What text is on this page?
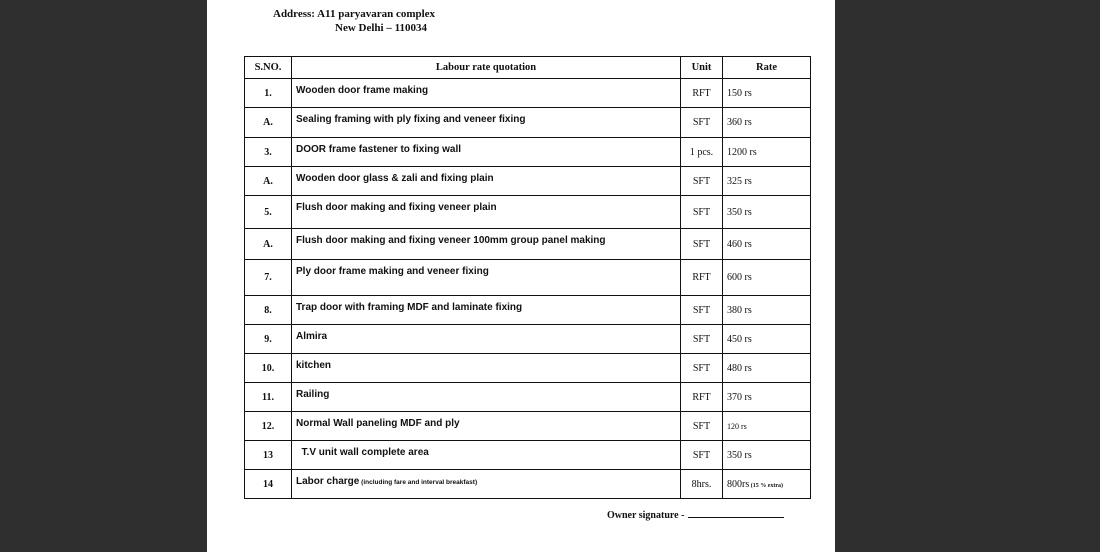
Address: A11 paryavaran complex
New Delhi – 110034
S.NO.	Labour rate quotation	Unit	Rate
1.	Wooden door frame making	RFT	150 rs
A.	Sealing framing with ply fixing and veneer fixing	SFT	360 rs
3.	DOOR frame fastener to fixing wall	1 pcs.	1200 rs
A.	Wooden door glass & zali and fixing plain	SFT	325 rs
5.	Flush door making and fixing veneer plain	SFT	350 rs
A.	Flush door making and fixing veneer 100mm group panel making	SFT	460 rs
7.	Ply door frame making and veneer fixing	RFT	600 rs
8.	Trap door with framing MDF and laminate fixing	SFT	380 rs
9.	Almira	SFT	450 rs
10.	kitchen	SFT	480 rs
11.	Railing	RFT	370 rs
12.	Normal Wall paneling MDF and ply	SFT	120 rs
13	T.V unit wall complete area	SFT	350 rs
14	Labor charge (including fare and interval breakfast)	8hrs.	800rs (15 % extra)
Owner signature -
